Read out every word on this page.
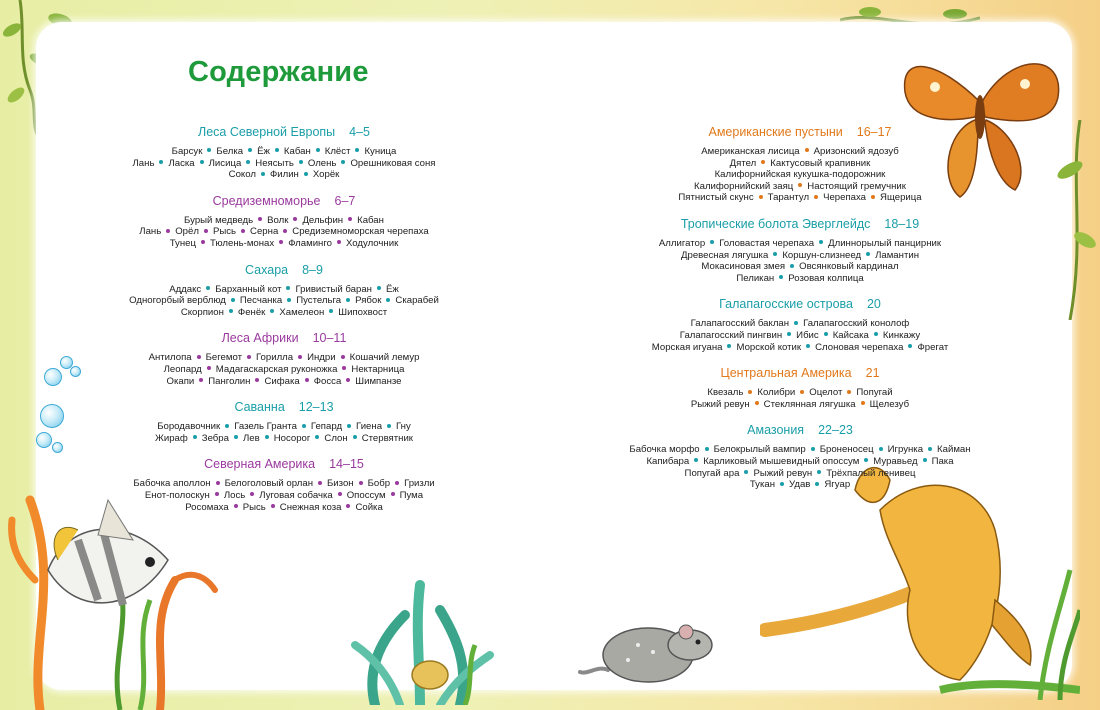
Содержание
Леса Северной Европы 4–5
Барсук Белка Ёж Кабан Клёст Куница
Лань Ласка Лисица Неясыть Олень Орешниковая соня
Сокол Филин Хорёк
Средиземноморье 6–7
Бурый медведь Волк Дельфин Кабан
Лань Орёл Рысь Серна Средиземноморская черепаха
Тунец Тюлень-монах Фламинго Ходулочник
Сахара 8–9
Аддакс Барханный кот Гривистый баран Ёж
Одногорбый верблюд Песчанка Пустельга Рябок Скарабей
Скорпион Фенёк Хамелеон Шипохвост
Леса Африки 10–11
Антилопа Бегемот Горилла Индри Кошачий лемур
Леопард Мадагаскарская руконожка Нектарница
Окапи Панголин Сифака Фосса Шимпанзе
Саванна 12–13
Бородавочник Газель Гранта Гепард Гиена Гну
Жираф Зебра Лев Носорог Слон Стервятник
Северная Америка 14–15
Бабочка аполлон Белоголовый орлан Бизон Бобр Гризли
Енот-полоскун Лось Луговая собачка Опоссум Пума
Росомаха Рысь Снежная коза Сойка
Американские пустыни 16–17
Американская лисица Аризонский ядозуб
Дятел Кактусовый крапивник
Калифорнийская кукушка-подорожник
Калифорнийский заяц Настоящий гремучник
Пятнистый скунс Тарантул Черепаха Ящерица
Тропические болота Эверглейдс 18–19
Аллигатор Головастая черепаха Длиннорылый панцирник
Древесная лягушка Коршун-слизнеед Ламантин
Мокасиновая змея Овсянковый кардинал
Пеликан Розовая колпица
Галапагосские острова 20
Галапагосский баклан Галапагосский конолоф
Галапагосский пингвин Ибис Кайсака Кинкажу
Морская игуана Морской котик Слоновая черепаха Фрегат
Центральная Америка 21
Квезаль Колибри Оцелот Попугай
Рыжий ревун Стеклянная лягушка Щелезуб
Амазония 22–23
Бабочка морфо Белокрылый вампир Броненосец Игрунка Кайман
Капибара Карликовый мышевидный опоссум Муравьед Пака
Попугай ара Рыжий ревун Трёхпалый ленивец
Тукан Удав Ягуар
